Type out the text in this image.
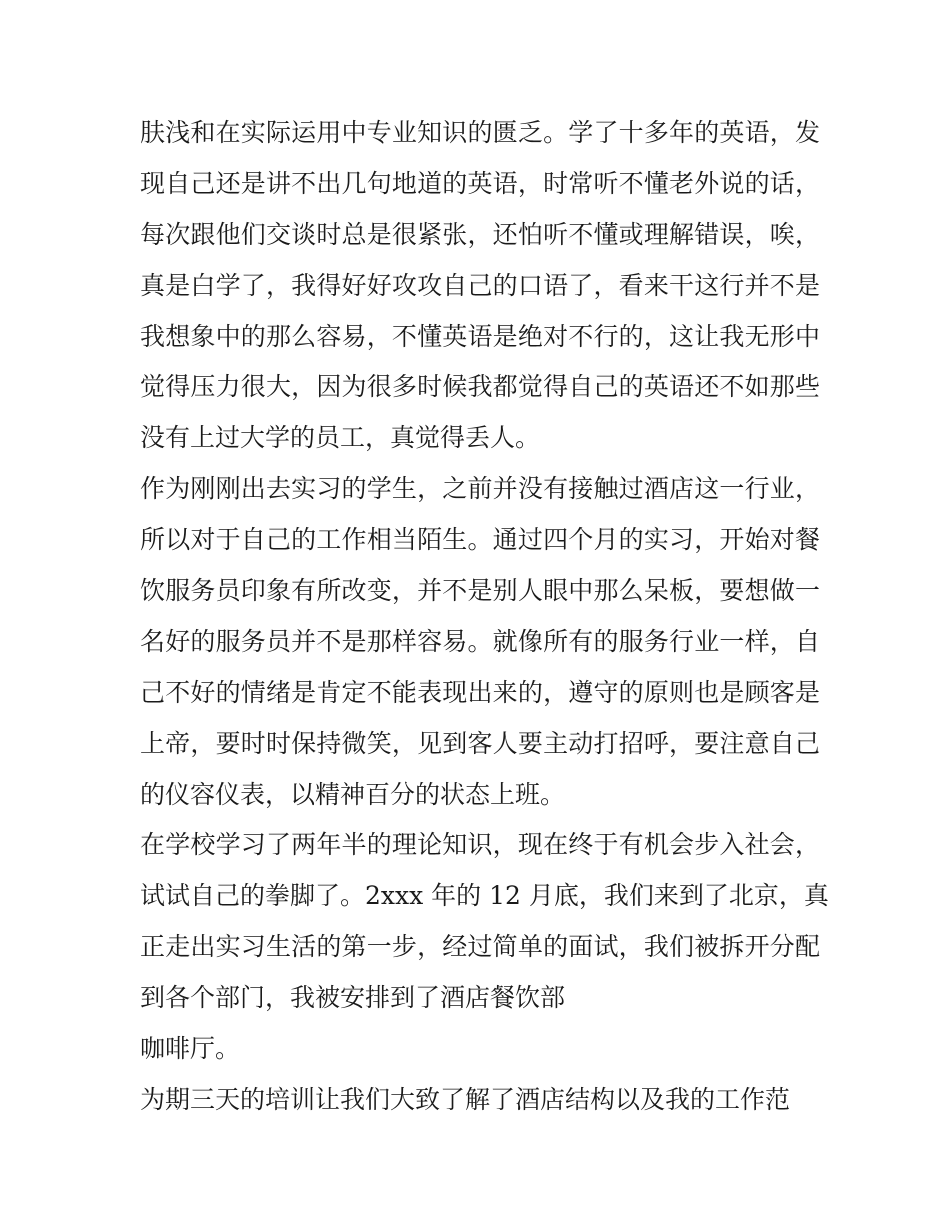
肤浅和在实际运用中专业知识的匮乏。学了十多年的英语，发
现自己还是讲不出几句地道的英语，时常听不懂老外说的话，
每次跟他们交谈时总是很紧张，还怕听不懂或理解错误，唉，
真是白学了，我得好好攻攻自己的口语了，看来干这行并不是
我想象中的那么容易，不懂英语是绝对不行的，这让我无形中
觉得压力很大，因为很多时候我都觉得自己的英语还不如那些
没有上过大学的员工，真觉得丢人。
作为刚刚出去实习的学生，之前并没有接触过酒店这一行业，
所以对于自己的工作相当陌生。通过四个月的实习，开始对餐
饮服务员印象有所改变，并不是别人眼中那么呆板，要想做一
名好的服务员并不是那样容易。就像所有的服务行业一样，自
己不好的情绪是肯定不能表现出来的，遵守的原则也是顾客是
上帝，要时时保持微笑，见到客人要主动打招呼，要注意自己
的仪容仪表，以精神百分的状态上班。
在学校学习了两年半的理论知识，现在终于有机会步入社会，
试试自己的拳脚了。2xxx 年的 12 月底，我们来到了北京，真
正走出实习生活的第一步，经过简单的面试，我们被拆开分配
到各个部门，我被安排到了酒店餐饮部
咖啡厅。
为期三天的培训让我们大致了解了酒店结构以及我的工作范
